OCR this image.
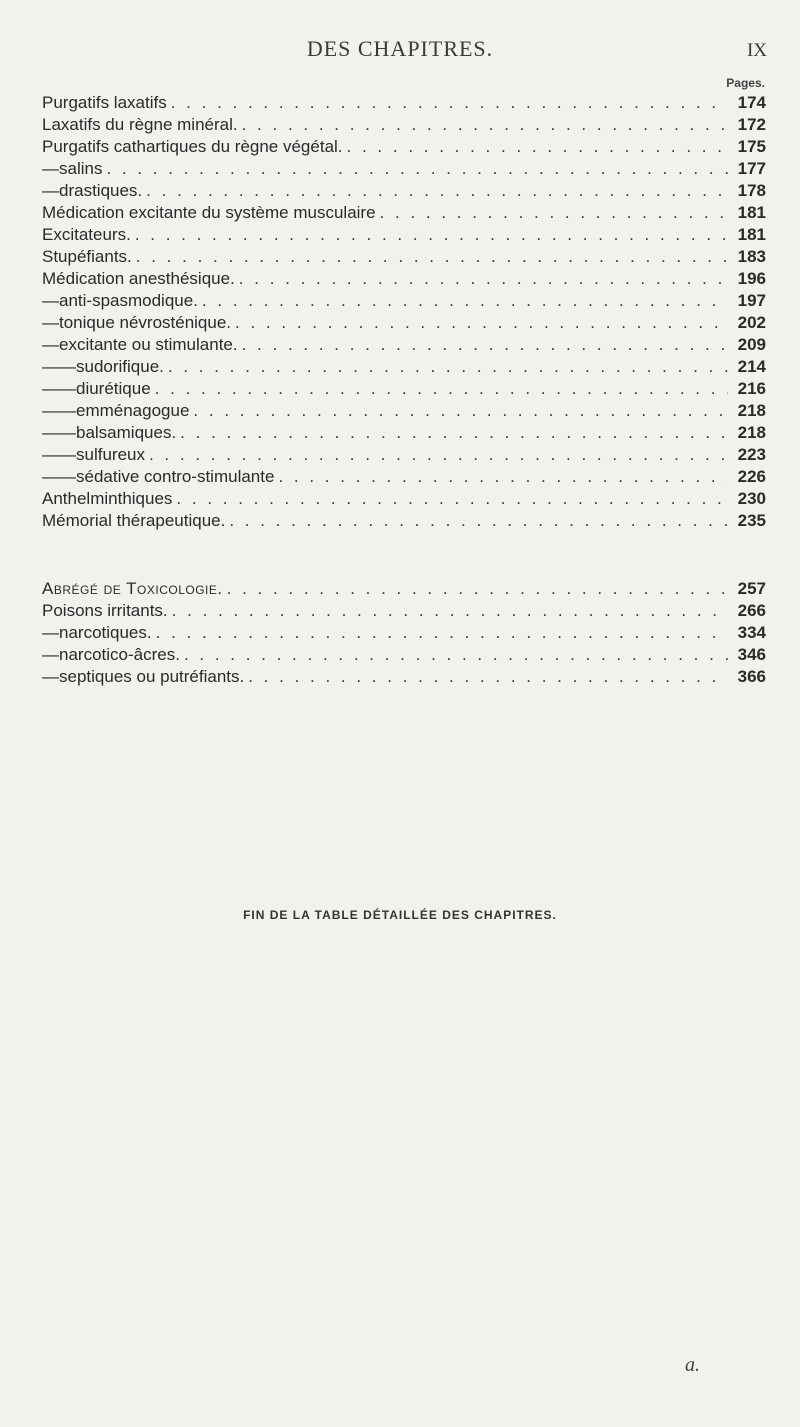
DES CHAPITRES.	IX
Pages.
Purgatifs laxatifs . . .	174
Laxatifs du règne minéral. . . .	172
Purgatifs cathartiques du règne végétal. . . .	175
— salins . . .	177
— drastiques. . . .	178
Médication excitante du système musculaire . . .	181
Excitateurs. . . .	181
Stupéfiants. . . .	183
Médication anesthésique. . . .	196
— anti-spasmodique. . . .	197
— tonique névrosténique. . . .	202
— excitante ou stimulante. . . .	209
— — sudorifique. . . .	214
— — diurétique . . .	216
— — emménagogue . . .	218
— — balsamiques. . . .	218
— — sulfureux . . .	223
— — sédative contro-stimulante . . .	226
Anthelminthiques . . .	230
Mémorial thérapeutique. . . .	235
Abrégé de Toxicologie. . . .	257
Poisons irritants. . . .	266
— narcotiques. . . .	334
— narcotico-âcres. . . .	346
— septiques ou putréfiants. . . .	366
FIN DE LA TABLE DÉTAILLÉE DES CHAPITRES.
a.
